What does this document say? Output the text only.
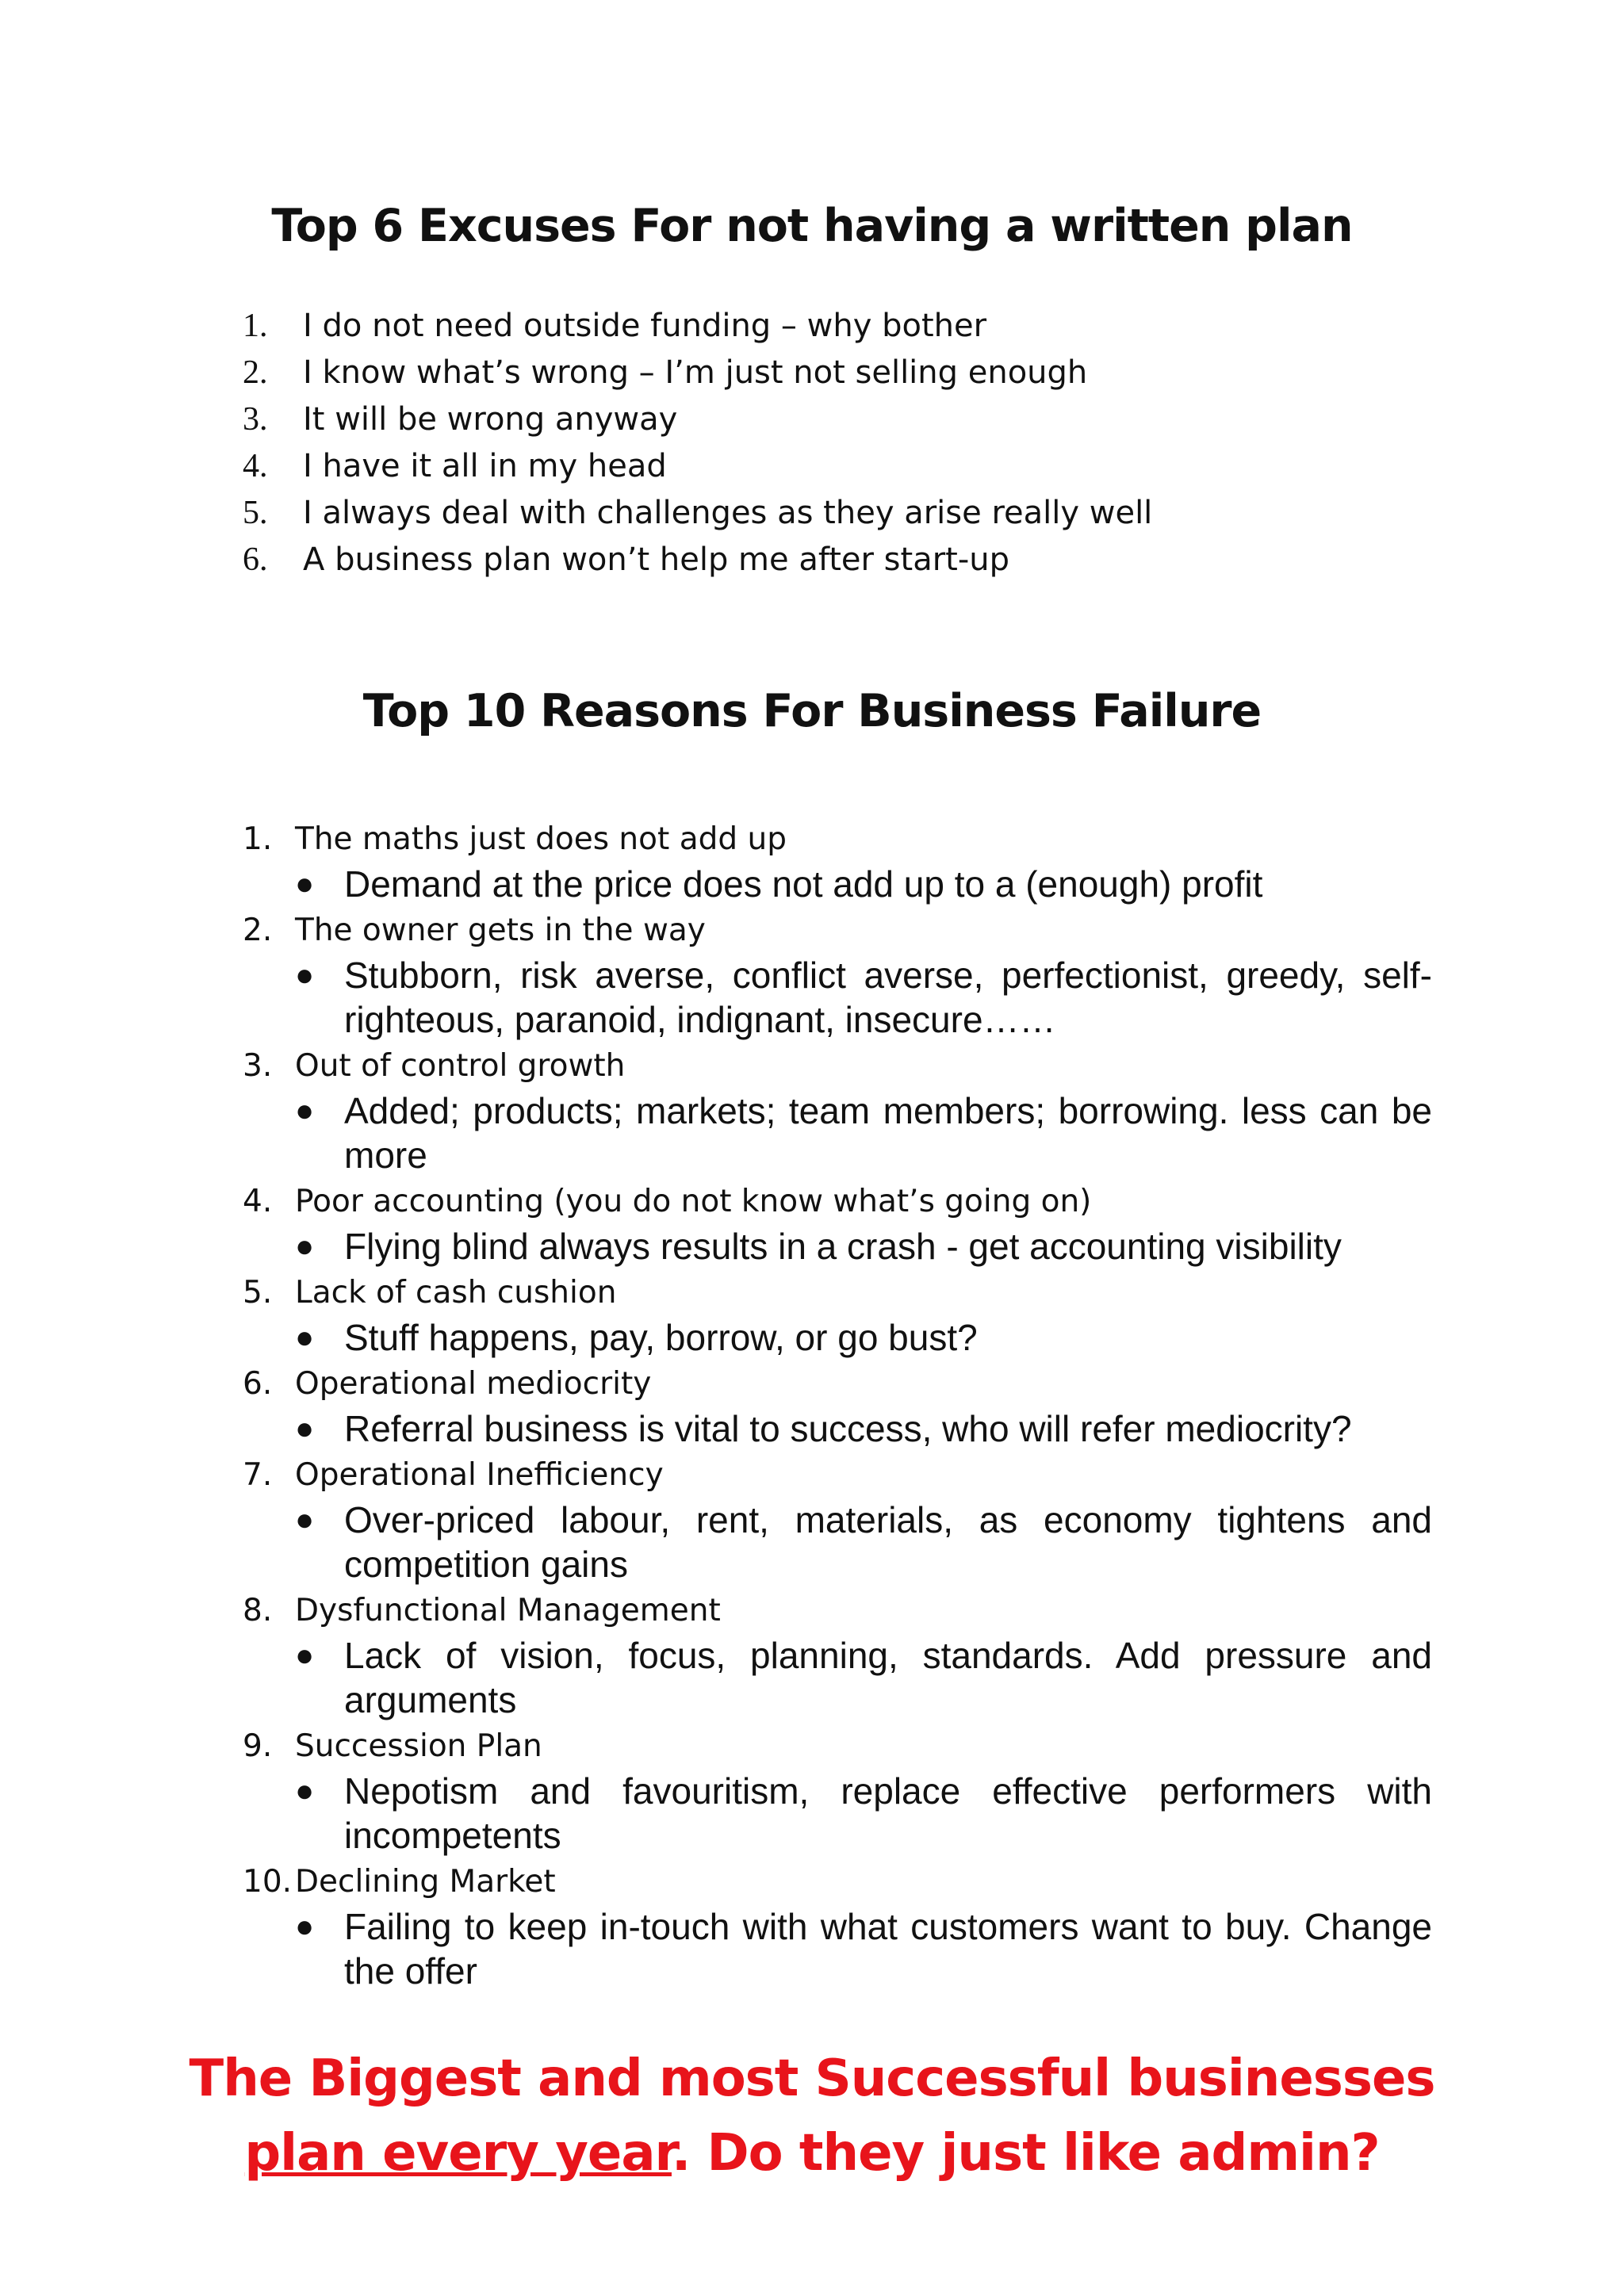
Top 6 Excuses For not having a written plan
1. I do not need outside funding – why bother
2. I know what’s wrong – I’m just not selling enough
3. It will be wrong anyway
4. I have it all in my head
5. I always deal with challenges as they arise really well
6. A business plan won’t help me after start-up
Top 10 Reasons For Business Failure
1. The maths just does not add up
● Demand at the price does not add up to a (enough) profit
2. The owner gets in the way
● Stubborn, risk averse, conflict averse, perfectionist, greedy, self-righteous, paranoid, indignant, insecure……
3. Out of control growth
● Added; products; markets; team members; borrowing. less can be more
4. Poor accounting (you do not know what’s going on)
● Flying blind always results in a crash - get accounting visibility
5. Lack of cash cushion
● Stuff happens, pay, borrow, or go bust?
6. Operational mediocrity
● Referral business is vital to success, who will refer mediocrity?
7. Operational Inefficiency
● Over-priced labour, rent, materials, as economy tightens and competition gains
8. Dysfunctional Management
● Lack of vision, focus, planning, standards. Add pressure and arguments
9. Succession Plan
● Nepotism and favouritism, replace effective performers with incompetents
10. Declining Market
● Failing to keep in-touch with what customers want to buy. Change the offer
The Biggest and most Successful businesses
plan every year. Do they just like admin?
